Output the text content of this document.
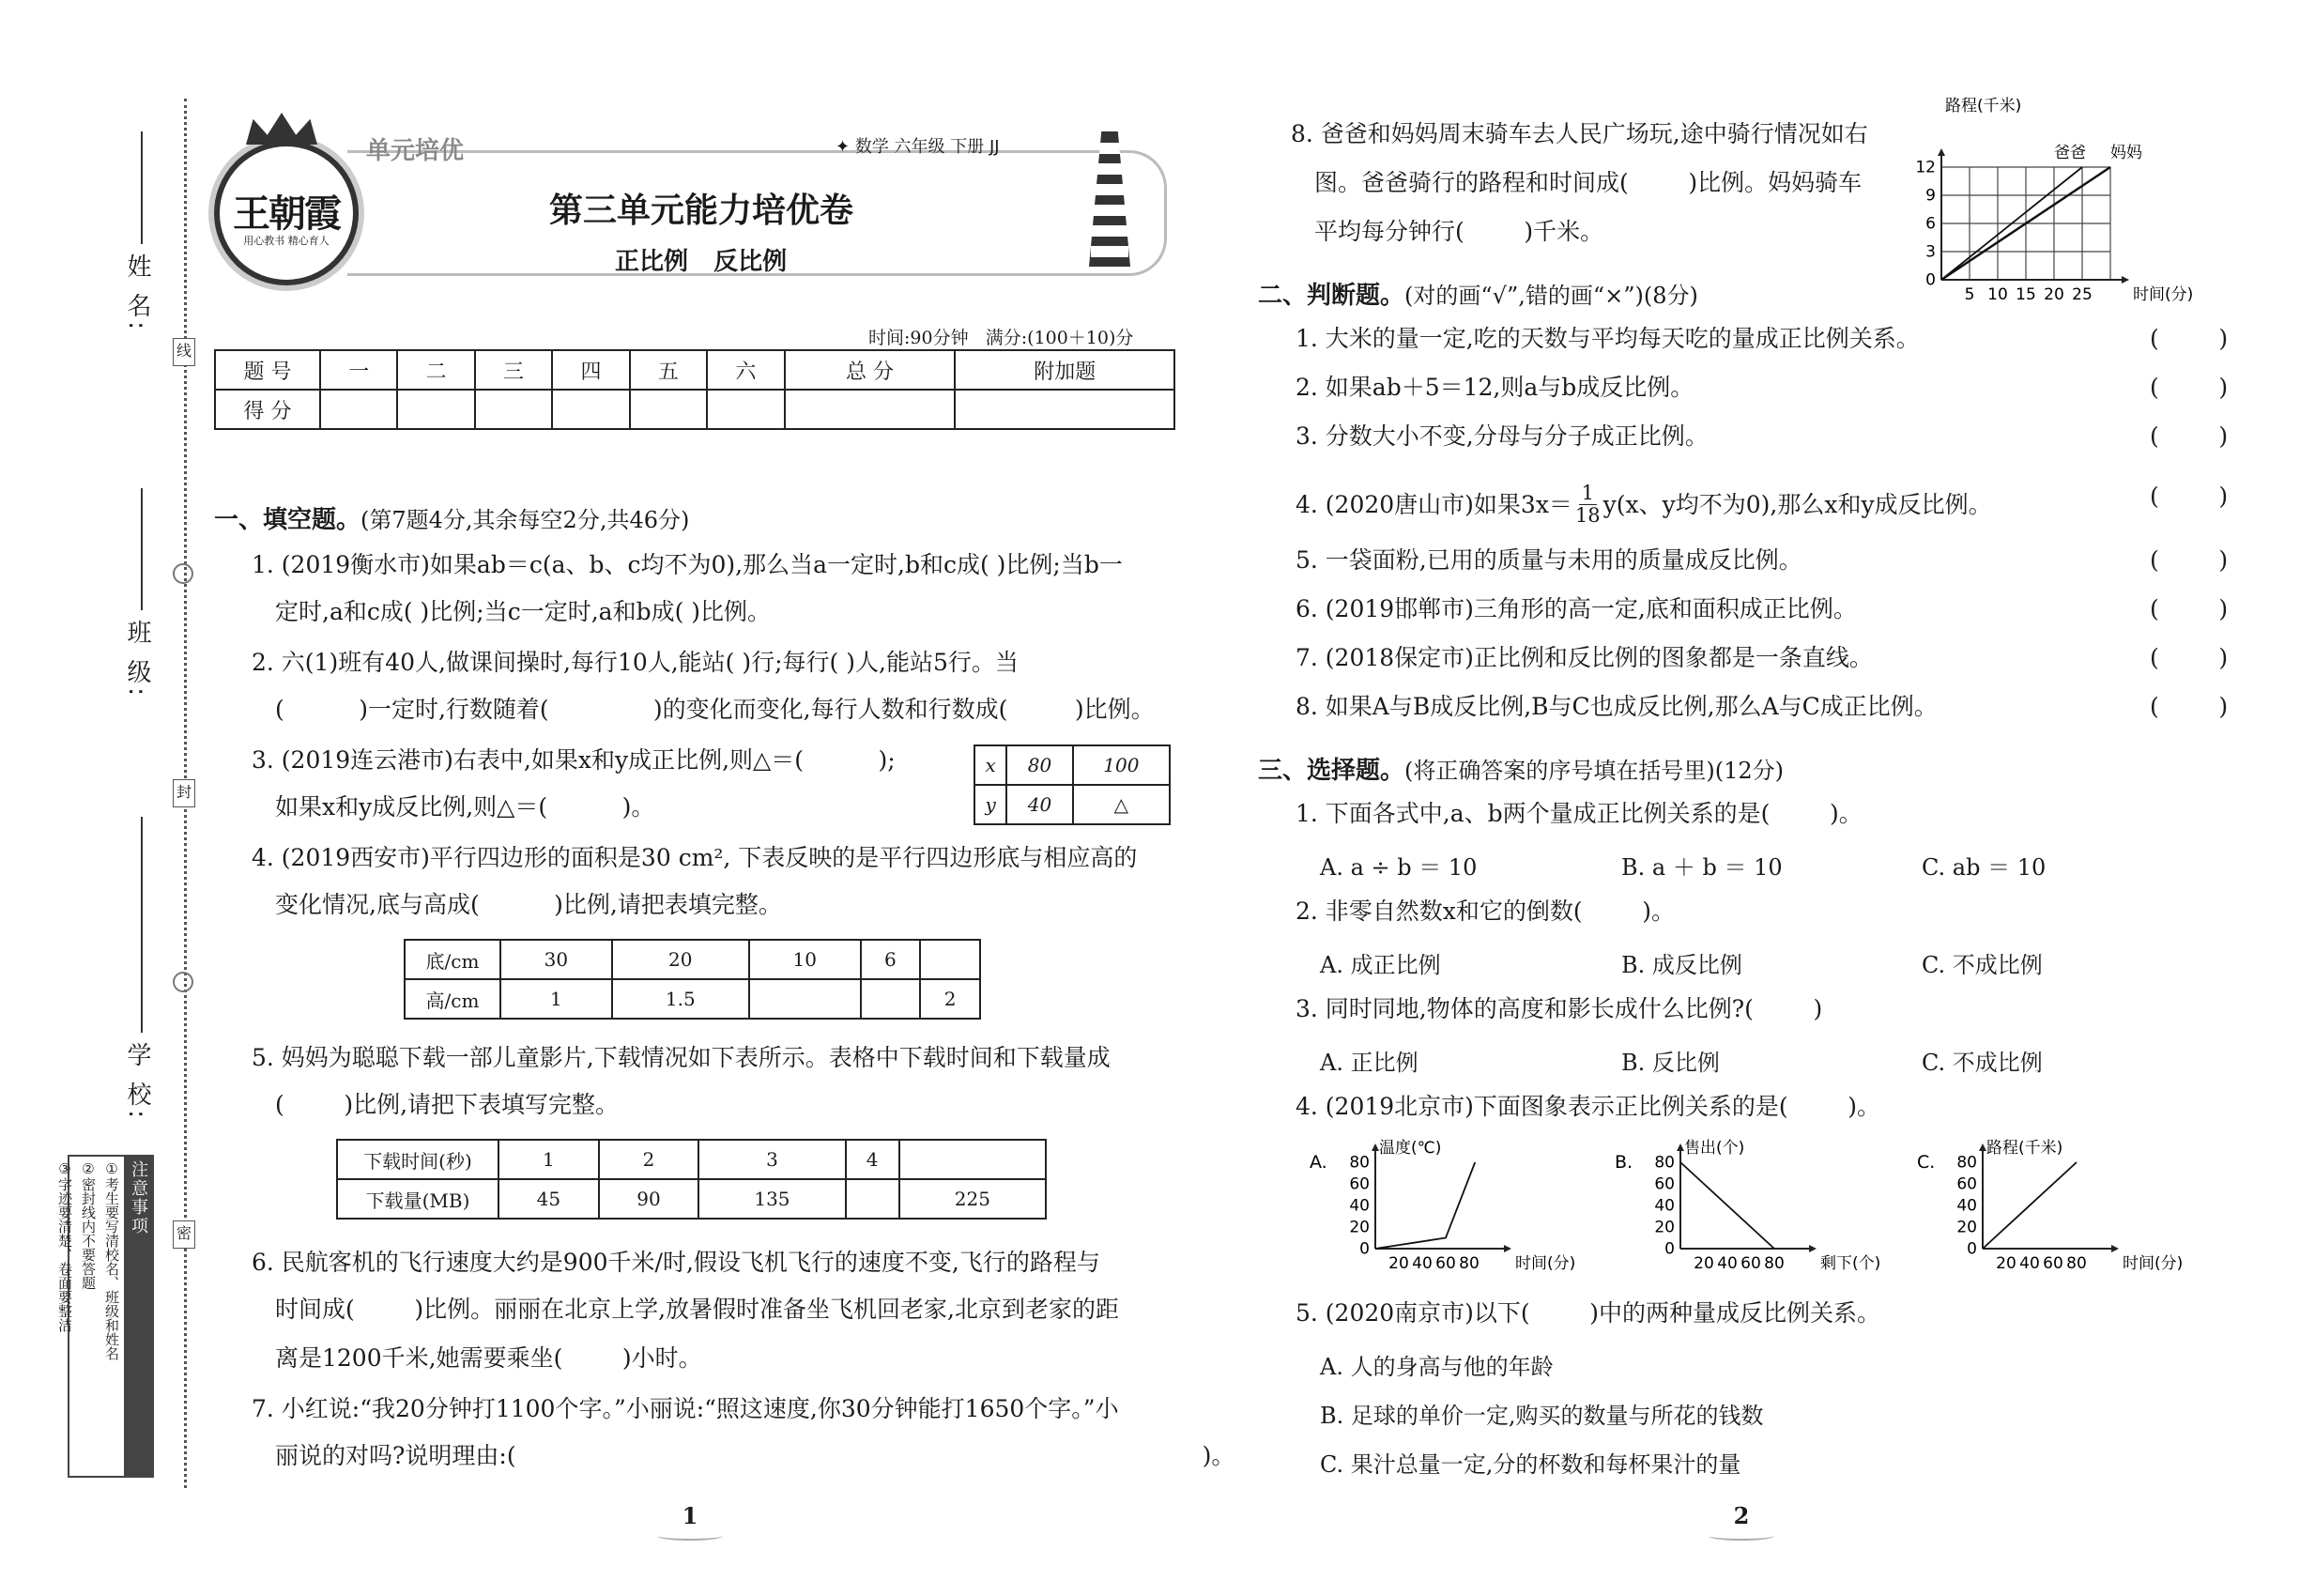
姓 名:
班 级:
学 校:
线
封
密
注意事项
①考生要写清校名、班级和姓名
②密封线内不要答题
③字迹要清楚、卷面要整洁
王朝霞
用心教书 精心育人
单元培优	✦ 数学 六年级 下册 JJ
第三单元能力培优卷
正比例   反比例
时间:90分钟   满分:(100＋10)分
题 号	一	二	三	四	五	六	总 分	附加题
得 分								
一、填空题。(第7题4分,其余每空2分,共46分)
1. (2019衡水市)如果ab＝c(a、b、c均不为0),那么当a一定时,b和c成( )比例;当b一
定时,a和c成( )比例;当c一定时,a和b成( )比例。
2. 六(1)班有40人,做课间操时,每行10人,能站( )行;每行( )人,能站5行。当
(          )一定时,行数随着(              )的变化而变化,每行人数和行数成(         )比例。
3. (2019连云港市)右表中,如果x和y成正比例,则△＝(          );
如果x和y成反比例,则△＝(          )。
x	80	100
y	40	△
4. (2019西安市)平行四边形的面积是30 cm², 下表反映的是平行四边形底与相应高的
变化情况,底与高成(          )比例,请把表填完整。
底/cm	30	20	10	6	
高/cm	1	1.5			2
5. 妈妈为聪聪下载一部儿童影片,下载情况如下表所示。表格中下载时间和下载量成
(        )比例,请把下表填写完整。
下载时间(秒)	1	2	3	4	
下载量(MB)	45	90	135		225
6. 民航客机的飞行速度大约是900千米/时,假设飞机飞行的速度不变,飞行的路程与
时间成(        )比例。丽丽在北京上学,放暑假时准备坐飞机回老家,北京到老家的距
离是1200千米,她需要乘坐(        )小时。
7. 小红说:“我20分钟打1100个字。”小丽说:“照这速度,你30分钟能打1650个字。”小
丽说的对吗?说明理由:(                                                                                            )。
1
8. 爸爸和妈妈周末骑车去人民广场玩,途中骑行情况如右
图。爸爸骑行的路程和时间成(        )比例。妈妈骑车
平均每分钟行(        )千米。
5 10 15 20 25
0
3
6
9
12
路程(千米)
时间(分)
爸爸 妈妈
二、判断题。(对的画“√”,错的画“×”)(8分)
1. 大米的量一定,吃的天数与平均每天吃的量成正比例关系。
2. 如果ab＋5＝12,则a与b成反比例。
3. 分数大小不变,分母与分子成正比例。
4. (2020唐山市)如果$3x= \frac{1}{18} y(x$、y均不为0),那么x和y成反比例。
5. 一袋面粉,已用的质量与未用的质量成反比例。
6. (2019邯郸市)三角形的高一定,底和面积成正比例。
7. (2018保定市)正比例和反比例的图象都是一条直线。
8. 如果A与B成反比例,B与C也成反比例,那么A与C成正比例。
(        )
(        )
(        )
(        )
(        )
(        )
(        )
(        )
三、选择题。(将正确答案的序号填在括号里)(12分)
1. 下面各式中,a、b两个量成正比例关系的是(        )。
A. a ÷ b ＝ 10	B. a ＋ b ＝ 10	C. ab ＝ 10
2. 非零自然数x和它的倒数(        )。
A. 成正比例	B. 成反比例	C. 不成比例
3. 同时同地,物体的高度和影长成什么比例?(        )
A. 正比例	B. 反比例	C. 不成比例
4. (2019北京市)下面图象表示正比例关系的是(        )。
A.
20 40 60 80
0
20
40
60
80
温度(℃)
时间(分)
B.
20 40 60 80
0
20
40
60
80
售出(个)
剩下(个)
C.
20 40 60 80
0
20
40
60
80
路程(千米)
时间(分)
5. (2020南京市)以下(        )中的两种量成反比例关系。
A. 人的身高与他的年龄
B. 足球的单价一定,购买的数量与所花的钱数
C. 果汁总量一定,分的杯数和每杯果汁的量
2
